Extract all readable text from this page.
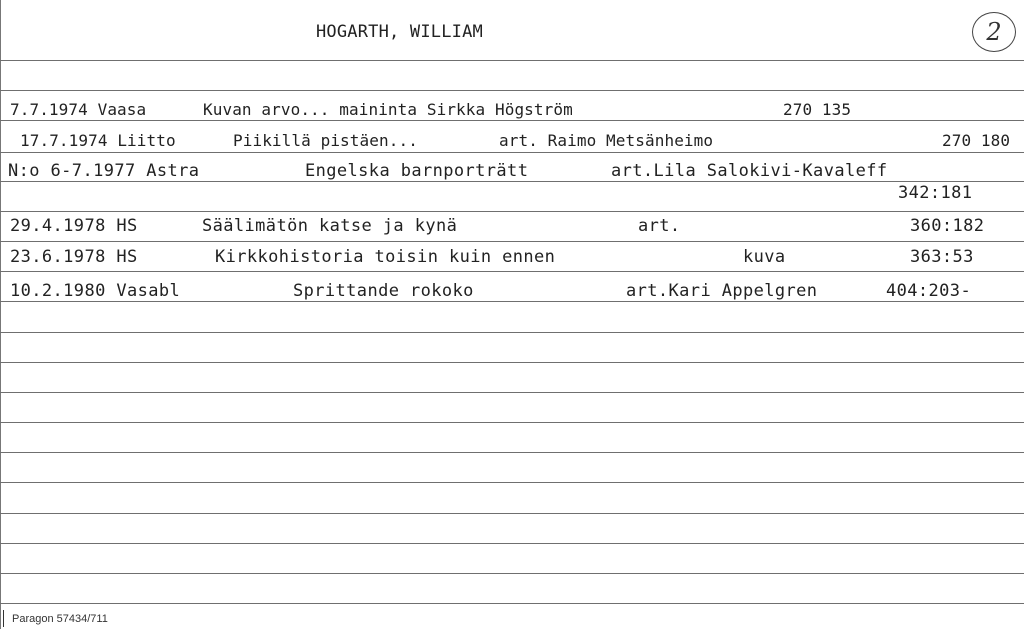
HOGARTH, WILLIAM	2
7.7.1974 Vaasa	Kuvan arvo... maininta Sirkka Högström	270 135
17.7.1974 Liitto	Piikillä pistäen...	art. Raimo Metsänheimo	270 180
N:o 6-7.1977 Astra	Engelska barnporträtt	art.Lila Salokivi-Kavaleff
342:181
29.4.1978 HS	Säälimätön katse ja kynä	art.	360:182
23.6.1978 HS	Kirkkohistoria toisin kuin ennen	kuva	363:53
10.2.1980 Vasabl	Sprittande rokoko	art.Kari Appelgren	404:203-
Paragon 57434/711
